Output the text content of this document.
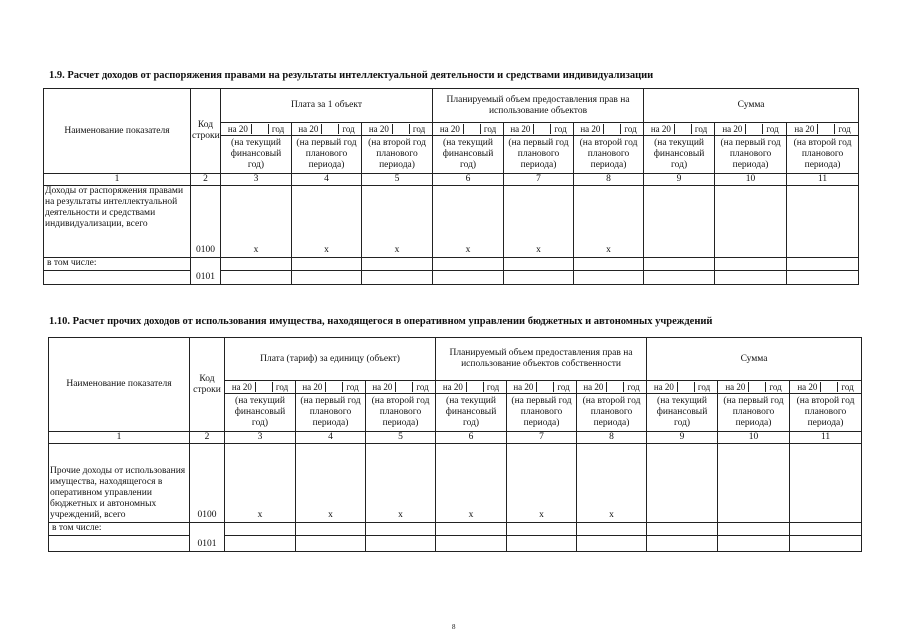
1.9. Расчет доходов от распоряжения правами на результаты интеллектуальной деятельности и средствами индивидуализации
Наименование показателя	Код строки	Плата за 1 объект			Планируемый объем предоставления прав на использование объектов			Сумма		

		на 20 год	на 20 год	на 20 год	на 20 год	на 20 год	на 20 год	на 20 год	на 20 год	на 20 год

		(на текущий финансовый год)	(на первый год планового периода)	(на второй год планового периода)	(на текущий финансовый год)	(на первый год планового периода)	(на второй год планового периода)	(на текущий финансовый год)	(на первый год планового периода)	(на второй год планового периода)
1	2	3	4	5	6	7	8	9	10	11
Доходы от распоряжения правами на результаты интеллектуальной деятельности и средствами индивидуализации, всего	0100	x	x	x	x	x	x			

в том числе:	0101									

1.10. Расчет прочих доходов от использования имущества, находящегося в оперативном управлении бюджетных и автономных учреждений
Наименование показателя	Код строки	Плата (тариф) за единицу (объект)			Планируемый объем предоставления прав на использование объектов собственности			Сумма		

		на 20 год	на 20 год	на 20 год	на 20 год	на 20 год	на 20 год	на 20 год	на 20 год	на 20 год

		(на текущий финансовый год)	(на первый год планового периода)	(на второй год планового периода)	(на текущий финансовый год)	(на первый год планового периода)	(на второй год планового периода)	(на текущий финансовый год)	(на первый год планового периода)	(на второй год планового периода)
1	2	3	4	5	6	7	8	9	10	11
Прочие доходы от использования имущества, находящегося в оперативном управлении бюджетных и автономных учреждений, всего	0100	x	x	x	x	x	x			

в том числе:	0101									

8
